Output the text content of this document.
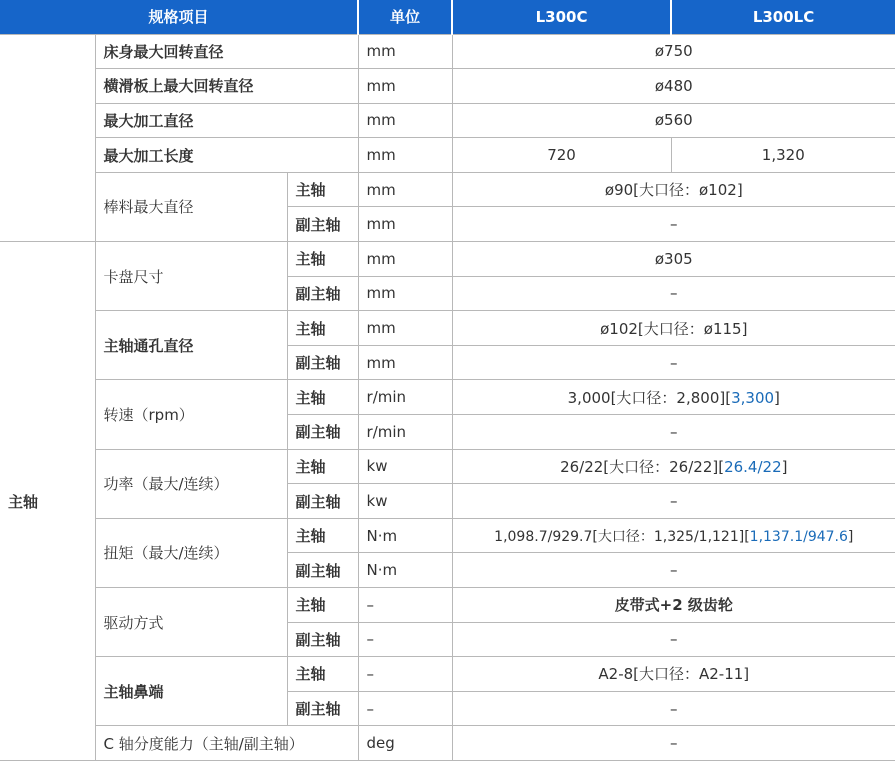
规格项目			单位	L300C	L300LC
	床身最大回转直径		mm	ø750	
	横滑板上最大回转直径		mm	ø480	
	最大加工直径		mm	ø560	
	最大加工长度		mm	720	1,320
	棒料最大直径	主轴	mm	ø90[大口径：ø102]	
		副主轴	mm	–	
主轴	卡盘尺寸	主轴	mm	ø305	
		副主轴	mm	–	
	主轴通孔直径	主轴	mm	ø102[大口径：ø115]	
		副主轴	mm	–	
	转速（rpm）	主轴	r/min	3,000[大口径：2,800][3,300]	
		副主轴	r/min	–	
	功率（最大/连续）	主轴	kw	26/22[大口径：26/22][26.4/22]	
		副主轴	kw	–	
	扭矩（最大/连续）	主轴	N·m	1,098.7/929.7[大口径：1,325/1,121][1,137.1/947.6]	
		副主轴	N·m	–	
	驱动方式	主轴	–	皮带式+2 级齿轮	
		副主轴	–	–	
	主轴鼻端	主轴	–	A2-8[大口径：A2-11]	
		副主轴	–	–	
	C 轴分度能力（主轴/副主轴）		deg	–	
